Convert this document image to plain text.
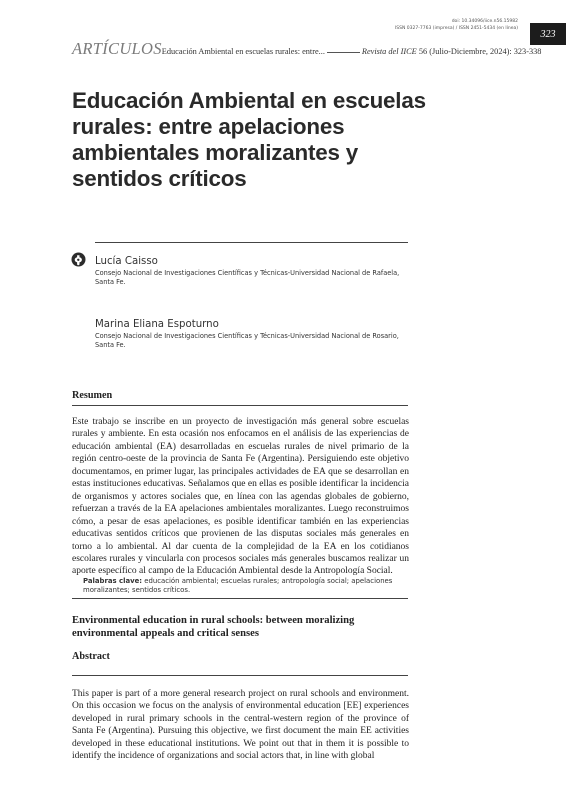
doi: 10.34096/iice.n56.15982
ISSN 0327-7763 (impresa) / ISSN 2451-5434 (en línea)
ARTÍCULOSEducación Ambiental en escuelas rurales: entre...	Revista del IICE 56 (Julio-Diciembre, 2024): 323-338
323
Educación Ambiental en escuelas rurales: entre apelaciones ambientales moralizantes y sentidos críticos
Lucía Caisso
Consejo Nacional de Investigaciones Científicas y Técnicas-Universidad Nacional de Rafaela, Santa Fe.
Marina Eliana Espoturno
Consejo Nacional de Investigaciones Científicas y Técnicas-Universidad Nacional de Rosario, Santa Fe.
Resumen

Este trabajo se inscribe en un proyecto de investigación más general sobre escuelas rurales y ambiente. En esta ocasión nos enfocamos en el análisis de las experiencias de educación ambiental (EA) desarrolladas en escuelas rurales de nivel primario de la región centro-oeste de la provincia de Santa Fe (Argentina). Persiguiendo este objetivo documentamos, en primer lugar, las principales actividades de EA que se desarrollan en estas instituciones educativas. Señalamos que en ellas es posible identificar la incidencia de organismos y actores sociales que, en línea con las agendas globales de gobierno, refuerzan a través de la EA apelaciones ambientales moralizantes. Luego reconstruimos cómo, a pesar de esas apelaciones, es posible identificar también en las experiencias educativas sentidos críticos que provienen de las disputas sociales más generales en torno a lo ambiental. Al dar cuenta de la complejidad de la EA en los cotidianos escolares rurales y vincularla con procesos sociales más generales buscamos realizar un aporte específico al campo de la Educación Ambiental desde la Antropología Social.

Palabras clave: educación ambiental; escuelas rurales; antropología social; apelaciones moralizantes; sentidos críticos.
Environmental education in rural schools: between moralizing environmental appeals and critical senses
Abstract

This paper is part of a more general research project on rural schools and environment. On this occasion we focus on the analysis of environmental education [EE] experiences developed in rural primary schools in the central-western region of the province of Santa Fe (Argentina). Pursuing this objective, we first document the main EE activities developed in these educational institutions. We point out that in them it is possible to identify the incidence of organizations and social actors that, in line with global
